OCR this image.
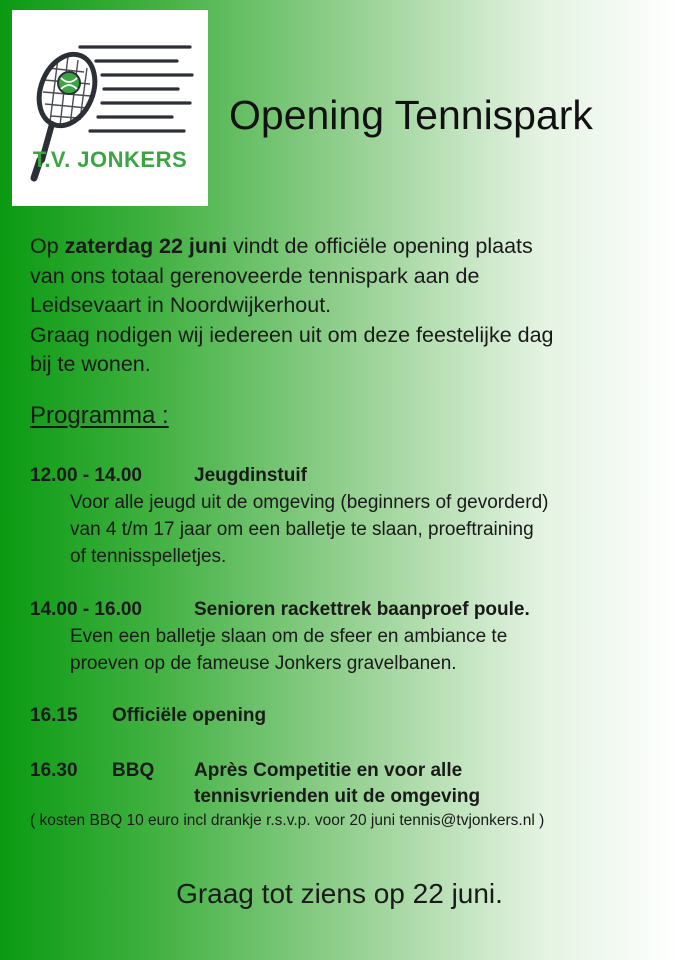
T.V. JONKERS
Opening Tennispark
Op zaterdag 22 juni vindt de officiële opening plaats
van ons totaal gerenoveerde tennispark aan de
Leidsevaart in Noordwijkerhout.
Graag nodigen wij iedereen uit om deze feestelijke dag
bij te wonen.
Programma :
12.00 - 14.00	Jeugdinstuif
Voor alle jeugd uit de omgeving (beginners of gevorderd)
van 4 t/m 17 jaar om een balletje te slaan, proeftraining
of tennisspelletjes.
14.00 - 16.00	Senioren rackettrek baanproef poule.
Even een balletje slaan om de sfeer en ambiance te
proeven op de fameuse Jonkers gravelbanen.
16.15 Officiële opening
16.30 BBQ Après Competitie en voor alle
tennisvrienden uit de omgeving
( kosten BBQ 10 euro incl drankje r.s.v.p. voor 20 juni tennis@tvjonkers.nl )
Graag tot ziens op 22 juni.
